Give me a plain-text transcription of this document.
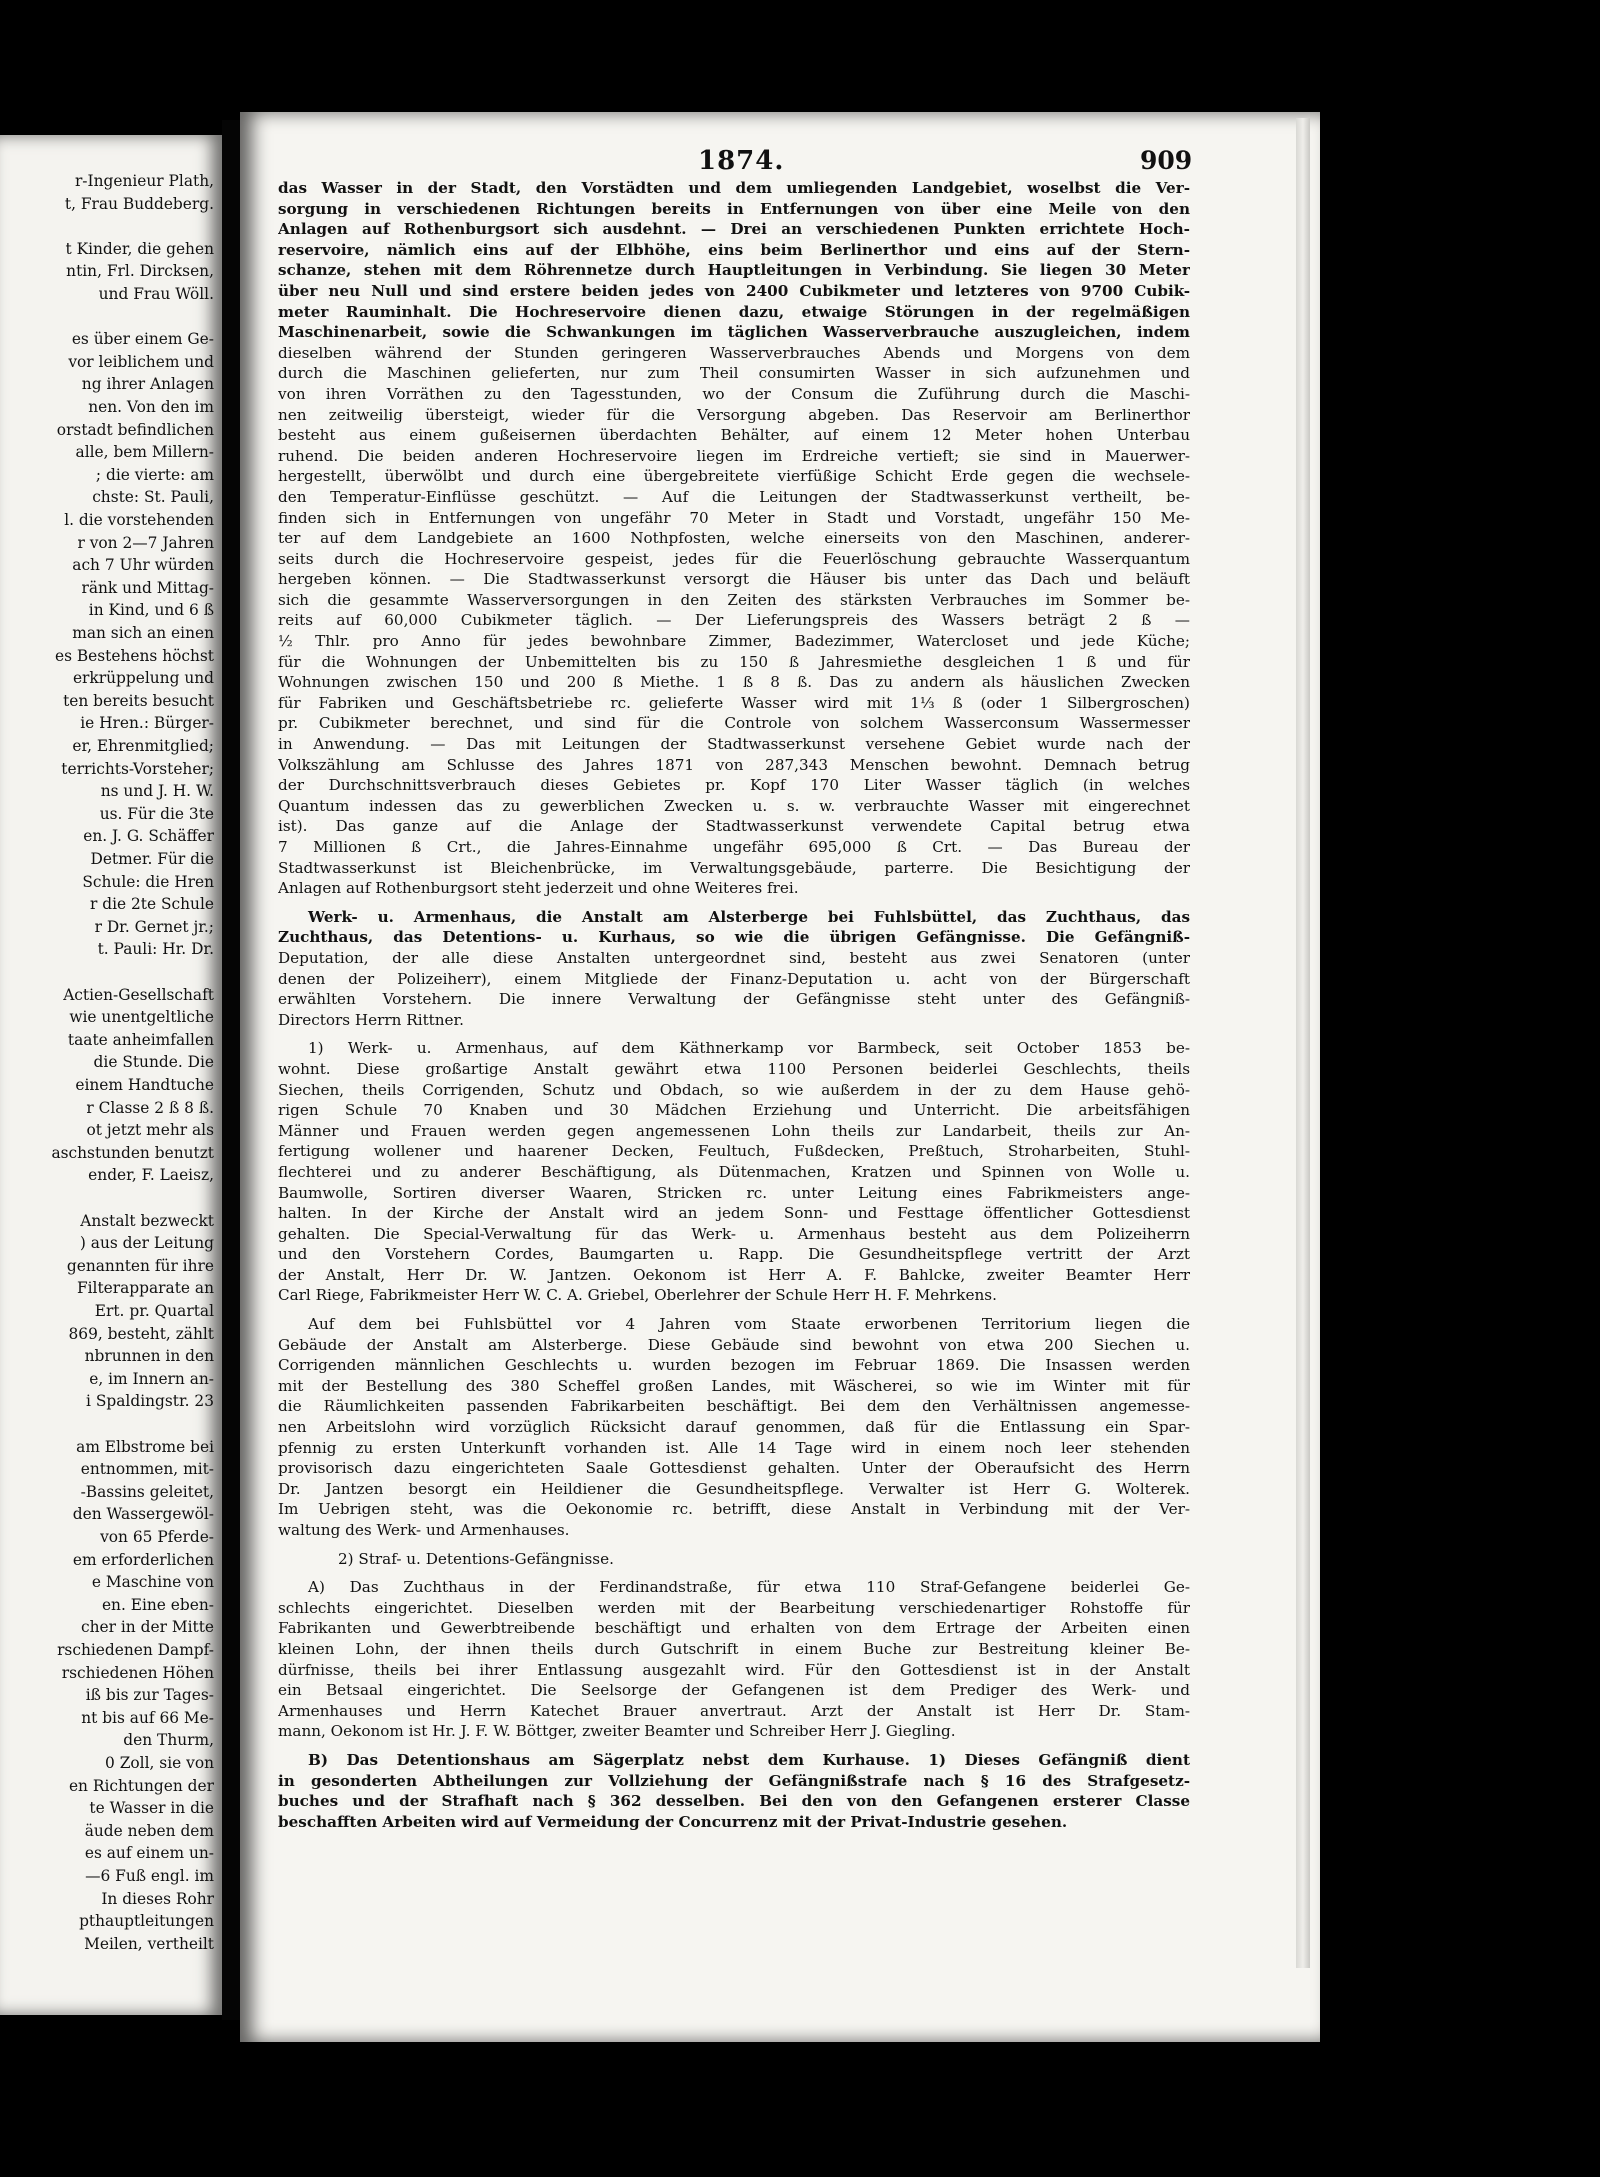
r-Ingenieur Plath,
t, Frau Buddeberg.
t Kinder, die gehen
ntin, Frl. Dircksen,
und Frau Wöll.
es über einem Ge-
vor leiblichem und
ng ihrer Anlagen
nen. Von den im
orstadt befindlichen
alle, bem Millern-
; die vierte: am
chste: St. Pauli,
l. die vorstehenden
r von 2—7 Jahren
ach 7 Uhr würden
ränk und Mittag-
in Kind, und 6 ß
man sich an einen
es Bestehens höchst
erkrüppelung und
ten bereits besucht
ie Hren.: Bürger-
er, Ehrenmitglied;
terrichts-Vorsteher;
ns und J. H. W.
us. Für die 3te
en. J. G. Schäffer
Detmer. Für die
Schule: die Hren
r die 2te Schule
r Dr. Gernet jr.;
t. Pauli: Hr. Dr.
Actien-Gesellschaft
wie unentgeltliche
taate anheimfallen
die Stunde. Die
einem Handtuche
r Classe 2 ß 8 ß.
ot jetzt mehr als
aschstunden benutzt
ender, F. Laeisz,
Anstalt bezweckt
) aus der Leitung
genannten für ihre
Filterapparate an
Ert. pr. Quartal
869, besteht, zählt
nbrunnen in den
e, im Innern an-
i Spaldingstr. 23
am Elbstrome bei
entnommen, mit-
-Bassins geleitet,
den Wassergewöl-
von 65 Pferde-
em erforderlichen
e Maschine von
en. Eine eben-
cher in der Mitte
rschiedenen Dampf-
rschiedenen Höhen
iß bis zur Tages-
nt bis auf 66 Me-
den Thurm,
0 Zoll, sie von
en Richtungen der
te Wasser in die
äude neben dem
es auf einem un-
—6 Fuß engl. im
In dieses Rohr
pthauptleitungen
Meilen, vertheilt
1874.	909
das Wasser in der Stadt, den Vorstädten und dem umliegenden Landgebiet, woselbst die Ver-
sorgung in verschiedenen Richtungen bereits in Entfernungen von über eine Meile von den
Anlagen auf Rothenburgsort sich ausdehnt. — Drei an verschiedenen Punkten errichtete Hoch-
reservoire, nämlich eins auf der Elbhöhe, eins beim Berlinerthor und eins auf der Stern-
schanze, stehen mit dem Röhrennetze durch Hauptleitungen in Verbindung. Sie liegen 30 Meter
über neu Null und sind erstere beiden jedes von 2400 Cubikmeter und letzteres von 9700 Cubik-
meter Rauminhalt. Die Hochreservoire dienen dazu, etwaige Störungen in der regelmäßigen
Maschinenarbeit, sowie die Schwankungen im täglichen Wasserverbrauche auszugleichen, indem
dieselben während der Stunden geringeren Wasserverbrauches Abends und Morgens von dem
durch die Maschinen gelieferten, nur zum Theil consumirten Wasser in sich aufzunehmen und
von ihren Vorräthen zu den Tagesstunden, wo der Consum die Zuführung durch die Maschi-
nen zeitweilig übersteigt, wieder für die Versorgung abgeben. Das Reservoir am Berlinerthor
besteht aus einem gußeisernen überdachten Behälter, auf einem 12 Meter hohen Unterbau
ruhend. Die beiden anderen Hochreservoire liegen im Erdreiche vertieft; sie sind in Mauerwer-
hergestellt, überwölbt und durch eine übergebreitete vierfüßige Schicht Erde gegen die wechsele-
den Temperatur-Einflüsse geschützt. — Auf die Leitungen der Stadtwasserkunst vertheilt, be-
finden sich in Entfernungen von ungefähr 70 Meter in Stadt und Vorstadt, ungefähr 150 Me-
ter auf dem Landgebiete an 1600 Nothpfosten, welche einerseits von den Maschinen, anderer-
seits durch die Hochreservoire gespeist, jedes für die Feuerlöschung gebrauchte Wasserquantum
hergeben können. — Die Stadtwasserkunst versorgt die Häuser bis unter das Dach und beläuft
sich die gesammte Wasserversorgungen in den Zeiten des stärksten Verbrauches im Sommer be-
reits auf 60,000 Cubikmeter täglich. — Der Lieferungspreis des Wassers beträgt 2 ß —
½ Thlr. pro Anno für jedes bewohnbare Zimmer, Badezimmer, Watercloset und jede Küche;
für die Wohnungen der Unbemittelten bis zu 150 ß Jahresmiethe desgleichen 1 ß und für
Wohnungen zwischen 150 und 200 ß Miethe. 1 ß 8 ß. Das zu andern als häuslichen Zwecken
für Fabriken und Geschäftsbetriebe rc. gelieferte Wasser wird mit 1⅓ ß (oder 1 Silbergroschen)
pr. Cubikmeter berechnet, und sind für die Controle von solchem Wasserconsum Wassermesser
in Anwendung. — Das mit Leitungen der Stadtwasserkunst versehene Gebiet wurde nach der
Volkszählung am Schlusse des Jahres 1871 von 287,343 Menschen bewohnt. Demnach betrug
der Durchschnittsverbrauch dieses Gebietes pr. Kopf 170 Liter Wasser täglich (in welches
Quantum indessen das zu gewerblichen Zwecken u. s. w. verbrauchte Wasser mit eingerechnet
ist). Das ganze auf die Anlage der Stadtwasserkunst verwendete Capital betrug etwa
7 Millionen ß Crt., die Jahres-Einnahme ungefähr 695,000 ß Crt. — Das Bureau der
Stadtwasserkunst ist Bleichenbrücke, im Verwaltungsgebäude, parterre. Die Besichtigung der
Anlagen auf Rothenburgsort steht jederzeit und ohne Weiteres frei.
Werk- u. Armenhaus, die Anstalt am Alsterberge bei Fuhlsbüttel, das Zuchthaus, das
Zuchthaus, das Detentions- u. Kurhaus, so wie die übrigen Gefängnisse. Die Gefängniß-
Deputation, der alle diese Anstalten untergeordnet sind, besteht aus zwei Senatoren (unter
denen der Polizeiherr), einem Mitgliede der Finanz-Deputation u. acht von der Bürgerschaft
erwählten Vorstehern. Die innere Verwaltung der Gefängnisse steht unter des Gefängniß-
Directors Herrn Rittner.
1) Werk- u. Armenhaus, auf dem Käthnerkamp vor Barmbeck, seit October 1853 be-
wohnt. Diese großartige Anstalt gewährt etwa 1100 Personen beiderlei Geschlechts, theils
Siechen, theils Corrigenden, Schutz und Obdach, so wie außerdem in der zu dem Hause gehö-
rigen Schule 70 Knaben und 30 Mädchen Erziehung und Unterricht. Die arbeitsfähigen
Männer und Frauen werden gegen angemessenen Lohn theils zur Landarbeit, theils zur An-
fertigung wollener und haarener Decken, Feultuch, Fußdecken, Preßtuch, Stroharbeiten, Stuhl-
flechterei und zu anderer Beschäftigung, als Dütenmachen, Kratzen und Spinnen von Wolle u.
Baumwolle, Sortiren diverser Waaren, Stricken rc. unter Leitung eines Fabrikmeisters ange-
halten. In der Kirche der Anstalt wird an jedem Sonn- und Festtage öffentlicher Gottesdienst
gehalten. Die Special-Verwaltung für das Werk- u. Armenhaus besteht aus dem Polizeiherrn
und den Vorstehern Cordes, Baumgarten u. Rapp. Die Gesundheitspflege vertritt der Arzt
der Anstalt, Herr Dr. W. Jantzen. Oekonom ist Herr A. F. Bahlcke, zweiter Beamter Herr
Carl Riege, Fabrikmeister Herr W. C. A. Griebel, Oberlehrer der Schule Herr H. F. Mehrkens.
Auf dem bei Fuhlsbüttel vor 4 Jahren vom Staate erworbenen Territorium liegen die
Gebäude der Anstalt am Alsterberge. Diese Gebäude sind bewohnt von etwa 200 Siechen u.
Corrigenden männlichen Geschlechts u. wurden bezogen im Februar 1869. Die Insassen werden
mit der Bestellung des 380 Scheffel großen Landes, mit Wäscherei, so wie im Winter mit für
die Räumlichkeiten passenden Fabrikarbeiten beschäftigt. Bei dem den Verhältnissen angemesse-
nen Arbeitslohn wird vorzüglich Rücksicht darauf genommen, daß für die Entlassung ein Spar-
pfennig zu ersten Unterkunft vorhanden ist. Alle 14 Tage wird in einem noch leer stehenden
provisorisch dazu eingerichteten Saale Gottesdienst gehalten. Unter der Oberaufsicht des Herrn
Dr. Jantzen besorgt ein Heildiener die Gesundheitspflege. Verwalter ist Herr G. Wolterek.
Im Uebrigen steht, was die Oekonomie rc. betrifft, diese Anstalt in Verbindung mit der Ver-
waltung des Werk- und Armenhauses.
2) Straf- u. Detentions-Gefängnisse.
A) Das Zuchthaus in der Ferdinandstraße, für etwa 110 Straf-Gefangene beiderlei Ge-
schlechts eingerichtet. Dieselben werden mit der Bearbeitung verschiedenartiger Rohstoffe für
Fabrikanten und Gewerbtreibende beschäftigt und erhalten von dem Ertrage der Arbeiten einen
kleinen Lohn, der ihnen theils durch Gutschrift in einem Buche zur Bestreitung kleiner Be-
dürfnisse, theils bei ihrer Entlassung ausgezahlt wird. Für den Gottesdienst ist in der Anstalt
ein Betsaal eingerichtet. Die Seelsorge der Gefangenen ist dem Prediger des Werk- und
Armenhauses und Herrn Katechet Brauer anvertraut. Arzt der Anstalt ist Herr Dr. Stam-
mann, Oekonom ist Hr. J. F. W. Böttger, zweiter Beamter und Schreiber Herr J. Giegling.
B) Das Detentionshaus am Sägerplatz nebst dem Kurhause. 1) Dieses Gefängniß dient
in gesonderten Abtheilungen zur Vollziehung der Gefängnißstrafe nach § 16 des Strafgesetz-
buches und der Strafhaft nach § 362 desselben. Bei den von den Gefangenen ersterer Classe
beschafften Arbeiten wird auf Vermeidung der Concurrenz mit der Privat-Industrie gesehen.
